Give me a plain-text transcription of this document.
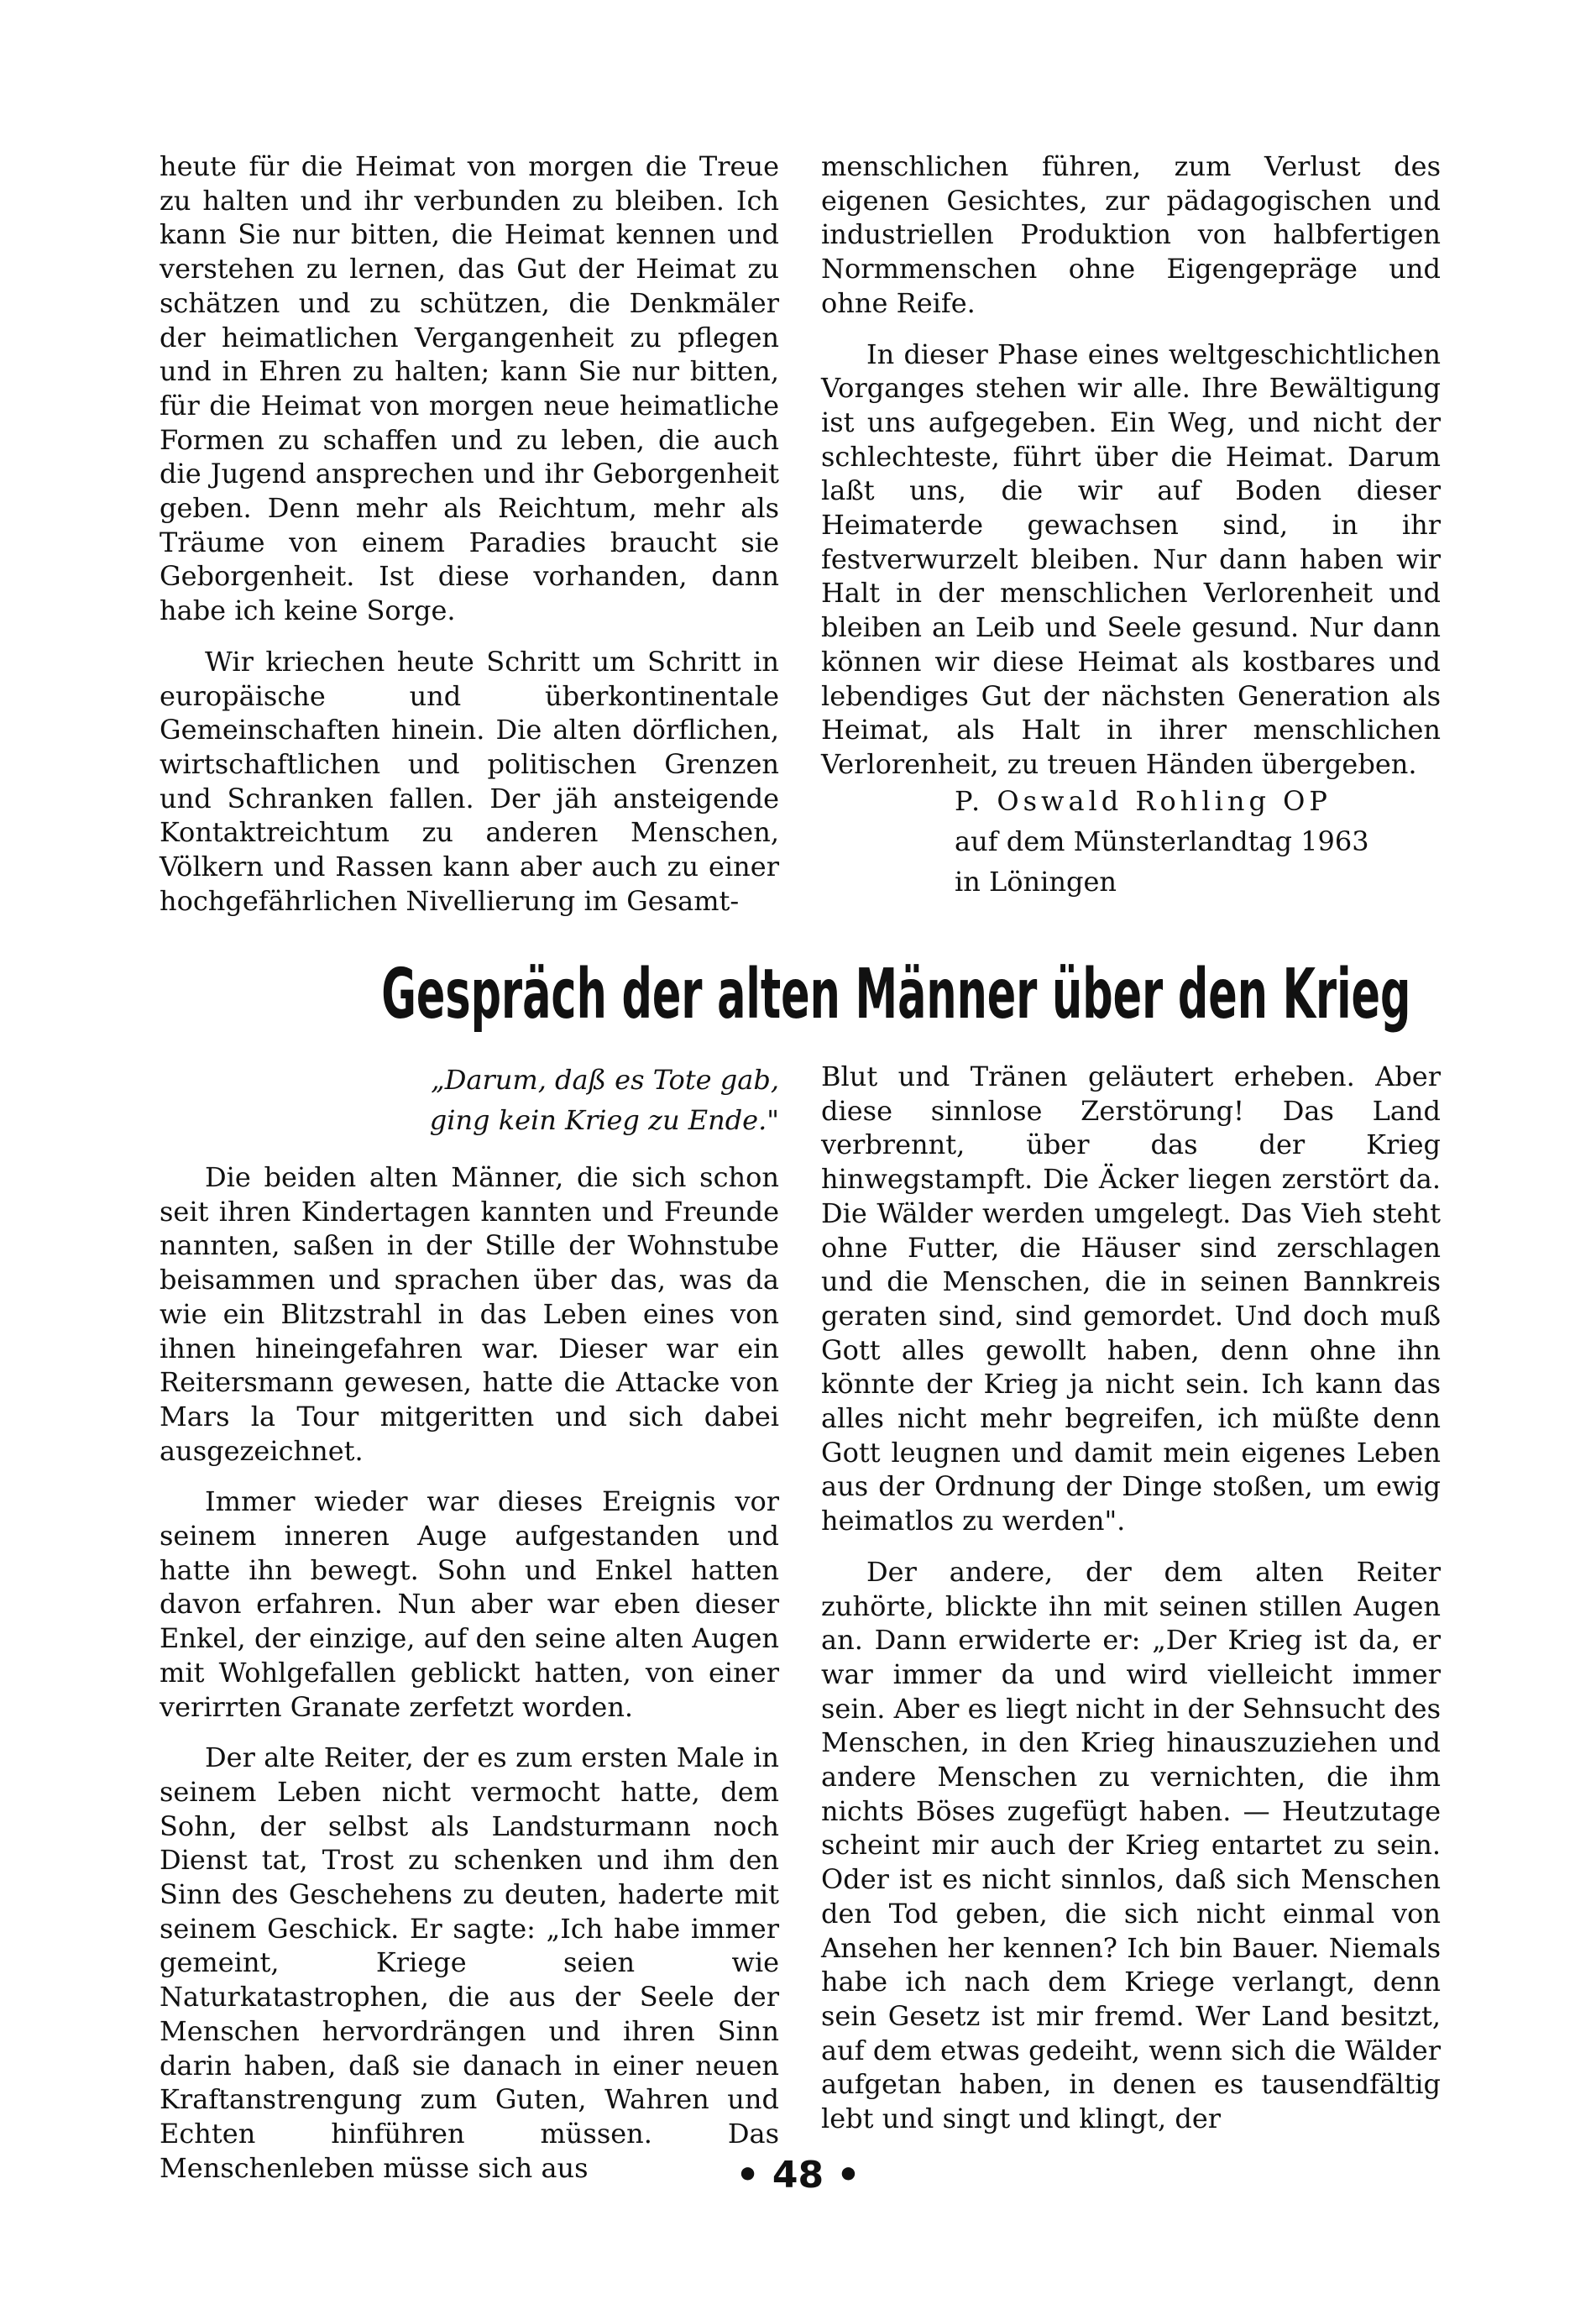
heute für die Heimat von morgen die Treue zu halten und ihr verbunden zu bleiben. Ich kann Sie nur bitten, die Heimat kennen und verstehen zu lernen, das Gut der Heimat zu schätzen und zu schützen, die Denkmäler der heimatlichen Vergangenheit zu pflegen und in Ehren zu halten; kann Sie nur bitten, für die Heimat von morgen neue heimatliche Formen zu schaffen und zu leben, die auch die Jugend ansprechen und ihr Geborgenheit geben. Denn mehr als Reichtum, mehr als Träume von einem Paradies braucht sie Geborgenheit. Ist diese vorhanden, dann habe ich keine Sorge.

Wir kriechen heute Schritt um Schritt in europäische und überkontinentale Gemeinschaften hinein. Die alten dörflichen, wirtschaftlichen und politischen Grenzen und Schranken fallen. Der jäh ansteigende Kontaktreichtum zu anderen Menschen, Völkern und Rassen kann aber auch zu einer hochgefährlichen Nivellierung im Gesamt-

menschlichen führen, zum Verlust des eigenen Gesichtes, zur pädagogischen und industriellen Produktion von halbfertigen Normmenschen ohne Eigengepräge und ohne Reife.

In dieser Phase eines weltgeschichtlichen Vorganges stehen wir alle. Ihre Bewältigung ist uns aufgegeben. Ein Weg, und nicht der schlechteste, führt über die Heimat. Darum laßt uns, die wir auf Boden dieser Heimaterde gewachsen sind, in ihr festverwurzelt bleiben. Nur dann haben wir Halt in der menschlichen Verlorenheit und bleiben an Leib und Seele gesund. Nur dann können wir diese Heimat als kostbares und lebendiges Gut der nächsten Generation als Heimat, als Halt in ihrer menschlichen Verlorenheit, zu treuen Händen übergeben.

P. Oswald Rohling OP
auf dem Münsterlandtag 1963
in Löningen
Gespräch der alten Männer über den Krieg
„Darum, daß es Tote gab,
ging kein Krieg zu Ende."

Die beiden alten Männer, die sich schon seit ihren Kindertagen kannten und Freunde nannten, saßen in der Stille der Wohnstube beisammen und sprachen über das, was da wie ein Blitzstrahl in das Leben eines von ihnen hineingefahren war. Dieser war ein Reitersmann gewesen, hatte die Attacke von Mars la Tour mitgeritten und sich dabei ausgezeichnet.

Immer wieder war dieses Ereignis vor seinem inneren Auge aufgestanden und hatte ihn bewegt. Sohn und Enkel hatten davon erfahren. Nun aber war eben dieser Enkel, der einzige, auf den seine alten Augen mit Wohlgefallen geblickt hatten, von einer verirrten Granate zerfetzt worden.

Der alte Reiter, der es zum ersten Male in seinem Leben nicht vermocht hatte, dem Sohn, der selbst als Landsturmann noch Dienst tat, Trost zu schenken und ihm den Sinn des Geschehens zu deuten, haderte mit seinem Geschick. Er sagte: „Ich habe immer gemeint, Kriege seien wie Naturkatastrophen, die aus der Seele der Menschen hervordrängen und ihren Sinn darin haben, daß sie danach in einer neuen Kraftanstrengung zum Guten, Wahren und Echten hinführen müssen. Das Menschenleben müsse sich aus

Blut und Tränen geläutert erheben. Aber diese sinnlose Zerstörung! Das Land verbrennt, über das der Krieg hinwegstampft. Die Äcker liegen zerstört da. Die Wälder werden umgelegt. Das Vieh steht ohne Futter, die Häuser sind zerschlagen und die Menschen, die in seinen Bannkreis geraten sind, sind gemordet. Und doch muß Gott alles gewollt haben, denn ohne ihn könnte der Krieg ja nicht sein. Ich kann das alles nicht mehr begreifen, ich müßte denn Gott leugnen und damit mein eigenes Leben aus der Ordnung der Dinge stoßen, um ewig heimatlos zu werden".

Der andere, der dem alten Reiter zuhörte, blickte ihn mit seinen stillen Augen an. Dann erwiderte er: „Der Krieg ist da, er war immer da und wird vielleicht immer sein. Aber es liegt nicht in der Sehnsucht des Menschen, in den Krieg hinauszuziehen und andere Menschen zu vernichten, die ihm nichts Böses zugefügt haben. — Heutzutage scheint mir auch der Krieg entartet zu sein. Oder ist es nicht sinnlos, daß sich Menschen den Tod geben, die sich nicht einmal von Ansehen her kennen? Ich bin Bauer. Niemals habe ich nach dem Kriege verlangt, denn sein Gesetz ist mir fremd. Wer Land besitzt, auf dem etwas gedeiht, wenn sich die Wälder aufgetan haben, in denen es tausendfältig lebt und singt und klingt, der

• 48 •
